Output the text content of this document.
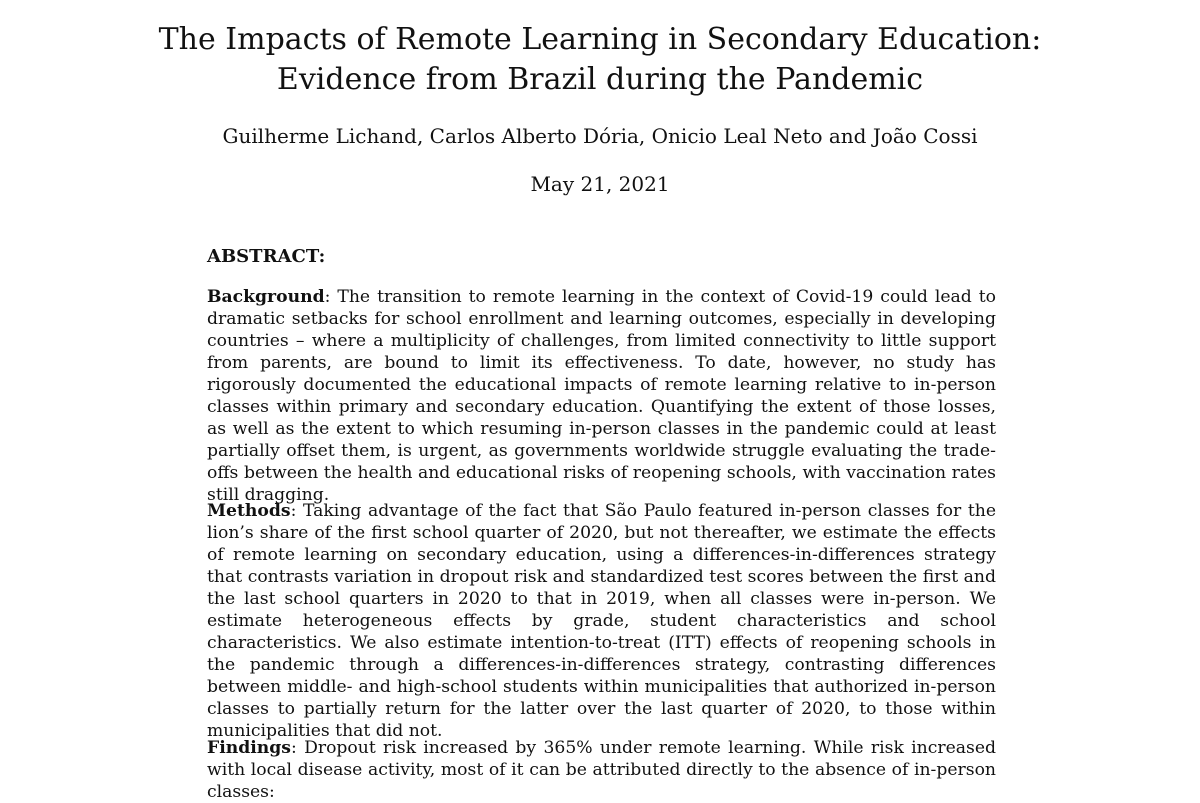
The Impacts of Remote Learning in Secondary Education:
Evidence from Brazil during the Pandemic

Guilherme Lichand, Carlos Alberto Dória, Onicio Leal Neto and João Cossi

May 21, 2021

ABSTRACT:

Background: The transition to remote learning in the context of Covid-19 could lead to dramatic setbacks for school enrollment and learning outcomes, especially in developing countries – where a multiplicity of challenges, from limited connectivity to little support from parents, are bound to limit its effectiveness. To date, however, no study has rigorously documented the educational impacts of remote learning relative to in-person classes within primary and secondary education. Quantifying the extent of those losses, as well as the extent to which resuming in-person classes in the pandemic could at least partially offset them, is urgent, as governments worldwide struggle evaluating the trade-offs between the health and educational risks of reopening schools, with vaccination rates still dragging.

Methods: Taking advantage of the fact that São Paulo featured in-person classes for the lion’s share of the first school quarter of 2020, but not thereafter, we estimate the effects of remote learning on secondary education, using a differences-in-differences strategy that contrasts variation in dropout risk and standardized test scores between the first and the last school quarters in 2020 to that in 2019, when all classes were in-person. We estimate heterogeneous effects by grade, student characteristics and school characteristics. We also estimate intention-to-treat (ITT) effects of reopening schools in the pandemic through a differences-in-differences strategy, contrasting differences between middle- and high-school students within municipalities that authorized in-person classes to partially return for the latter over the last quarter of 2020, to those within municipalities that did not.

Findings: Dropout risk increased by 365% under remote learning. While risk increased with local disease activity, most of it can be attributed directly to the absence of in-person classes:
